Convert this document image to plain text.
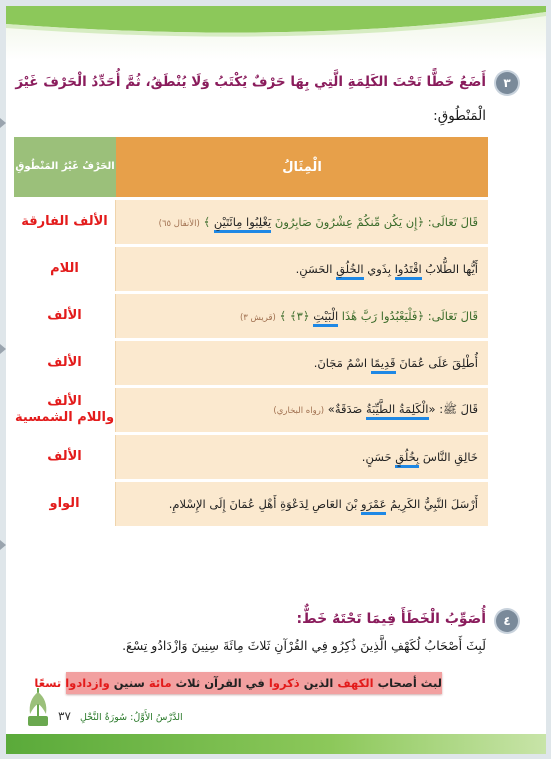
٣
أَضَعُ خَطًّا تَحْتَ الكَلِمَةِ الَّتِي بِهَا حَرْفٌ يُكْتَبُ وَلَا يُنْطَقُ، ثُمَّ أُحَدِّدُ الْحَرْفَ غَيْرَ
الْمَنْطُوقِ:
الْمِثَالُ	الحَرْفُ غَيْرُ المَنْطُوقِ
قَالَ تَعَالَى: ﴿إِن يَكُن مِّنكُمْ عِشْرُونَ صَابِرُونَ يَغْلِبُوا مِائَتَيْنِ ﴾ (الأنفال ٦٥)	الألف الفارقة

أَيُّها الطُّلابُ اقْتَدُوا بِذَوي الخُلُقِ الحَسَنِ.	اللام

قَالَ تَعَالَى: ﴿فَلْيَعْبُدُوا رَبَّ هَٰذَا الْبَيْتِ ﴿٣﴾ ﴾ (قريش ٣)	الألف

أُطْلِقَ عَلَى عُمَانَ قَدِيمًا اسْمُ مَجَانَ.	الألف

قَالَ ﷺ: «الْكَلِمَةُ الطَّيِّبَةُ صَدَقَةٌ» (رواه البخاري)	الألف
واللام الشمسية

خَالِقِ النَّاسَ بِخُلُقٍ حَسَنٍ.	الألف

أَرْسَلَ النَّبِيُّ الكَرِيمُ عَمْرَو بْنَ العَاصِ لِدَعْوَةِ أَهْلِ عُمَانَ إِلَى الإِسْلامِ.	الواو
٤
أُصَوِّبُ الْخَطَأَ فِيمَا تَحْتَهُ خَطٌّ:
لَبِثَ أَصْحَابُ لُكَهْفِ الَّذِينَ ذُكِرُو فِي القُرْآنِ ثَلاثَ مِائَةَ سِنِينَ وَازْدَادُو تِسْعَ.
لبث أصحاب الكهف الذين ذكروا في القرآن ثلاث مائة سنين وازدادوا تسعًا
الدَّرْسُ الأَوَّلُ: سُورَةُ النَّحْلِ   ٣٧
